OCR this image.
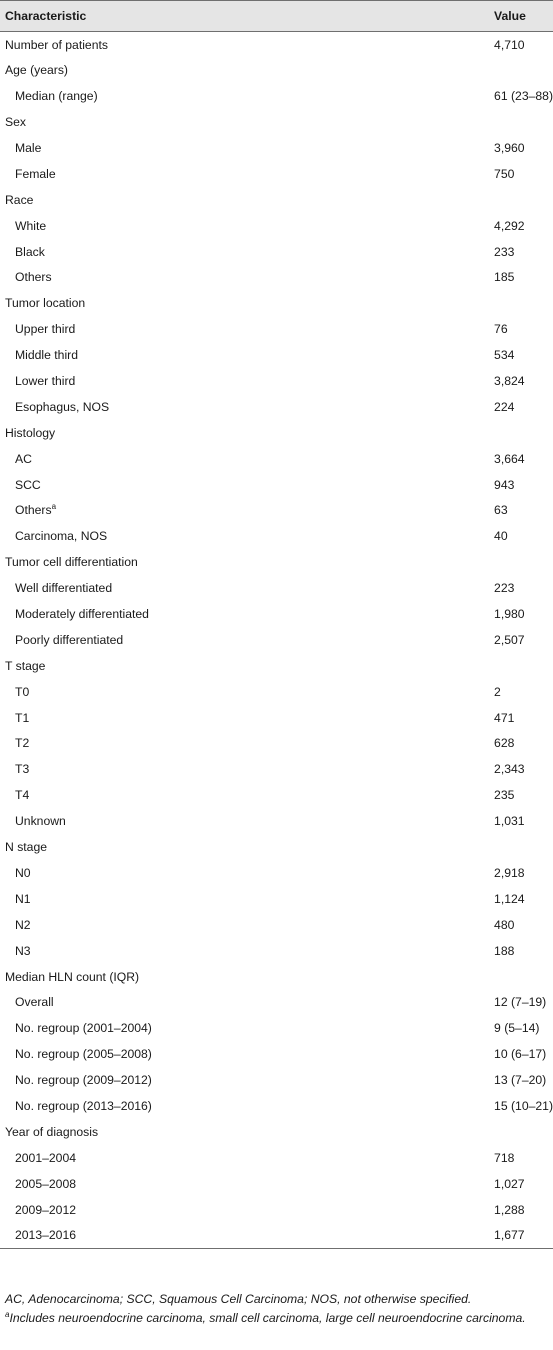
Characteristic	Value
Number of patients	4,710
Age (years)	
Median (range)	61 (23–88)
Sex	
Male	3,960
Female	750
Race	
White	4,292
Black	233
Others	185
Tumor location	
Upper third	76
Middle third	534
Lower third	3,824
Esophagus, NOS	224
Histology	
AC	3,664
SCC	943
Others$^a$	63
Carcinoma, NOS	40
Tumor cell differentiation	
Well differentiated	223
Moderately differentiated	1,980
Poorly differentiated	2,507
T stage	
T0	2
T1	471
T2	628
T3	2,343
T4	235
Unknown	1,031
N stage	
N0	2,918
N1	1,124
N2	480
N3	188
Median HLN count (IQR)	
Overall	12 (7–19)
No. regroup (2001–2004)	9 (5–14)
No. regroup (2005–2008)	10 (6–17)
No. regroup (2009–2012)	13 (7–20)
No. regroup (2013–2016)	15 (10–21)
Year of diagnosis	
2001–2004	718
2005–2008	1,027
2009–2012	1,288
2013–2016	1,677

AC, Adenocarcinoma; SCC, Squamous Cell Carcinoma; NOS, not otherwise specified.

$^a$Includes neuroendocrine carcinoma, small cell carcinoma, large cell neuroendocrine carcinoma.
